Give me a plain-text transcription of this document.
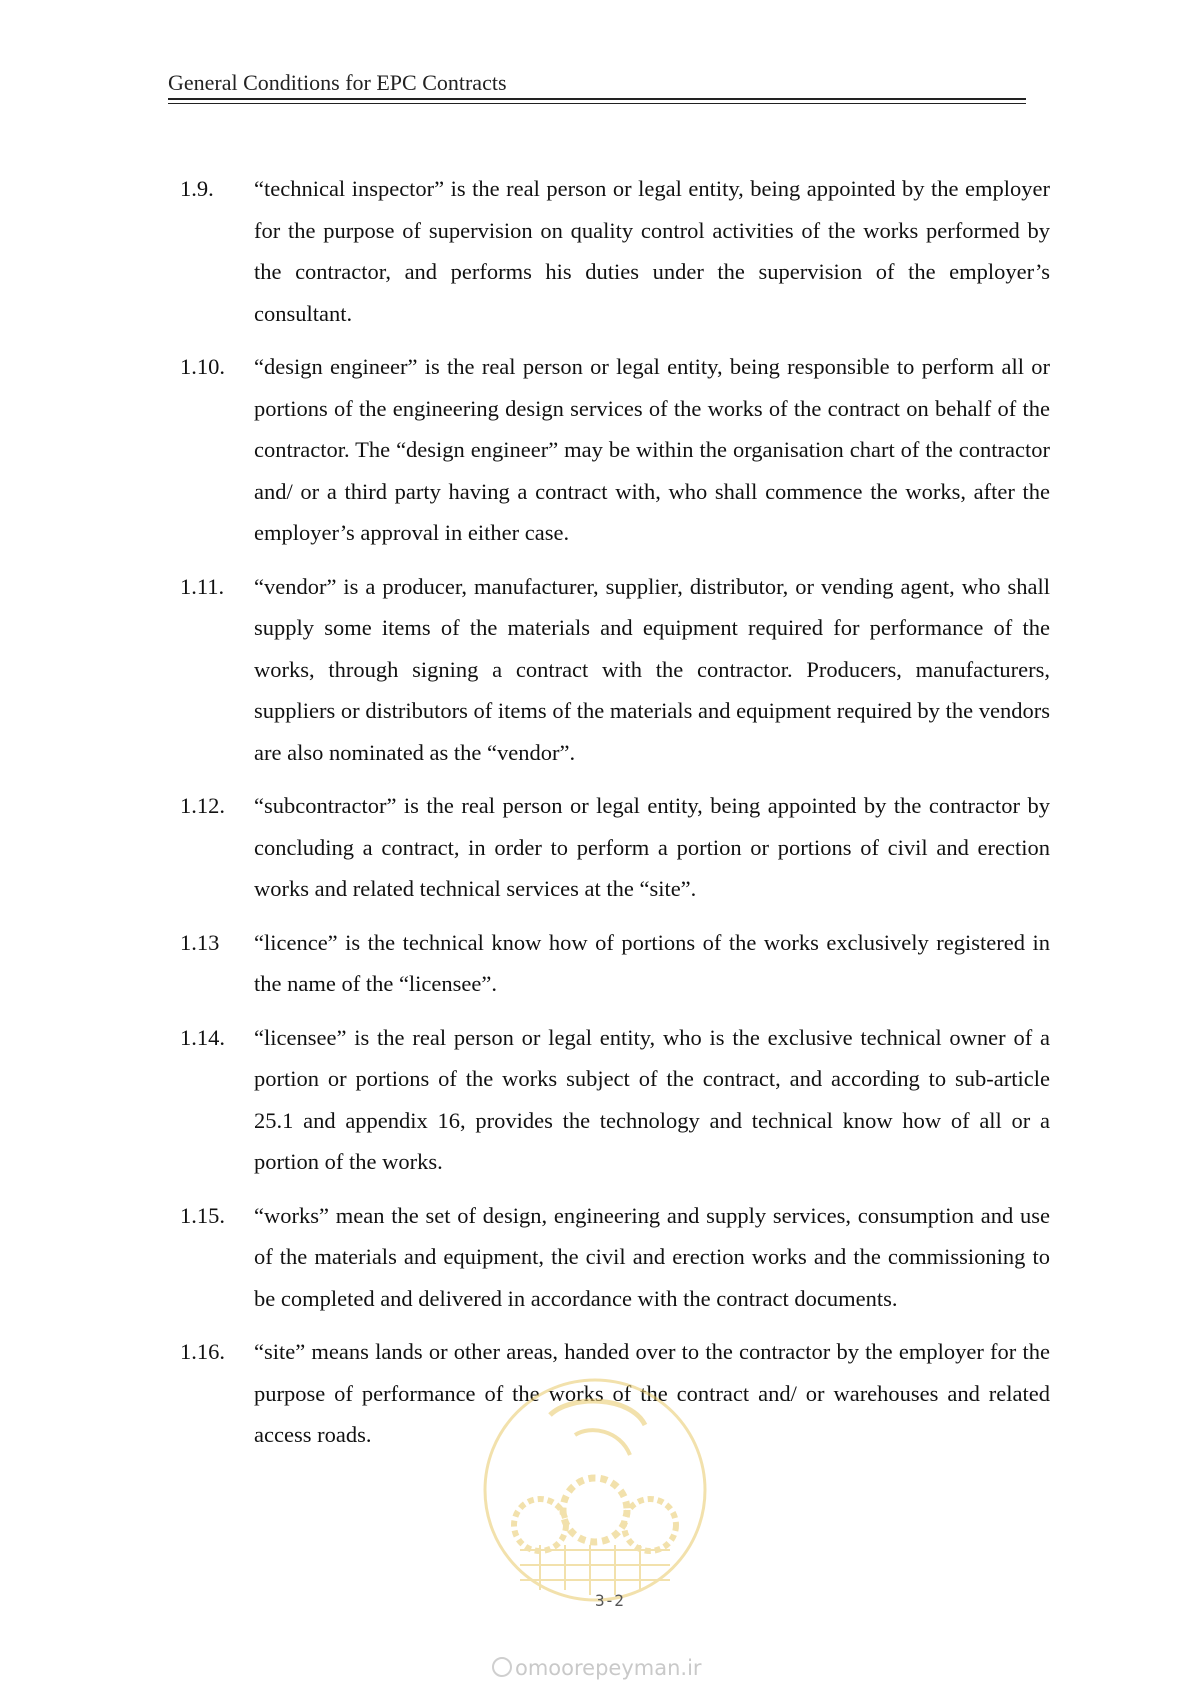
General Conditions for EPC Contracts
1.9.	“technical inspector” is the real person or legal entity, being appointed by the employer for the purpose of supervision on quality control activities of the works performed by the contractor, and performs his duties under the supervision of the employer’s consultant.
1.10.	“design engineer” is the real person or legal entity, being responsible to perform all or portions of the engineering design services of the works of the contract on behalf of the contractor. The “design engineer” may be within the organisation chart of the contractor and/ or a third party having a contract with, who shall commence the works, after the employer’s approval in either case.
1.11.	“vendor” is a producer, manufacturer, supplier, distributor, or vending agent, who shall supply some items of the materials and equipment required for performance of the works, through signing a contract with the contractor. Producers, manufacturers, suppliers or distributors of items of the materials and equipment required by the vendors are also nominated as the “vendor”.
1.12.	“subcontractor” is the real person or legal entity, being appointed by the contractor by concluding a contract, in order to perform a portion or portions of civil and erection works and related technical services at the “site”.
1.13	“licence” is the technical know how of portions of the works exclusively registered in the name of the “licensee”.
1.14.	“licensee” is the real person or legal entity, who is the exclusive technical owner of a portion or portions of the works subject of the contract, and according to sub-article 25.1 and appendix 16, provides the technology and technical know how of all or a portion of the works.
1.15.	“works” mean the set of design, engineering and supply services, consumption and use of the materials and equipment, the civil and erection works and the commissioning to be completed and delivered in accordance with the contract documents.
1.16.	“site” means lands or other areas, handed over to the contractor by the employer for the purpose of performance of the works of the contract and/ or warehouses and related access roads.
3-2
omoorepeyman.ir
